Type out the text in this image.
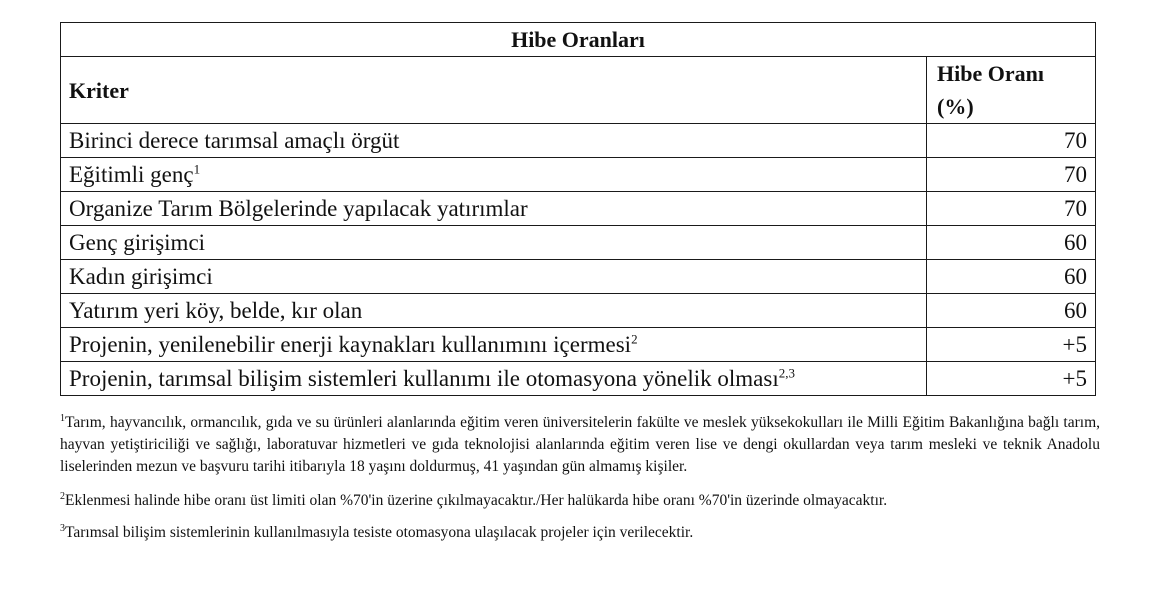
Hibe Oranları	
Kriter	Hibe Oranı
(%)
Birinci derece tarımsal amaçlı örgüt	70
Eğitimli genç$^1$	70
Organize Tarım Bölgelerinde yapılacak yatırımlar	70
Genç girişimci	60
Kadın girişimci	60
Yatırım yeri köy, belde, kır olan	60
Projenin, yenilenebilir enerji kaynakları kullanımını içermesi$^2$	+5
Projenin, tarımsal bilişim sistemleri kullanımı ile otomasyona yönelik olması$^{2,3}$	+5

$^1$Tarım, hayvancılık, ormancılık, gıda ve su ürünleri alanlarında eğitim veren üniversitelerin fakülte ve meslek yüksekokulları ile Milli Eğitim Bakanlığına bağlı tarım, hayvan yetiştiriciliği ve sağlığı, laboratuvar hizmetleri ve gıda teknolojisi alanlarında eğitim veren lise ve dengi okullardan veya tarım mesleki ve teknik Anadolu liselerinden mezun ve başvuru tarihi itibarıyla 18 yaşını doldurmuş, 41 yaşından gün almamış kişiler.

$^2$Eklenmesi halinde hibe oranı üst limiti olan %70'in üzerine çıkılmayacaktır./Her halükarda hibe oranı %70'in üzerinde olmayacaktır.

$^3$Tarımsal bilişim sistemlerinin kullanılmasıyla tesiste otomasyona ulaşılacak projeler için verilecektir.
